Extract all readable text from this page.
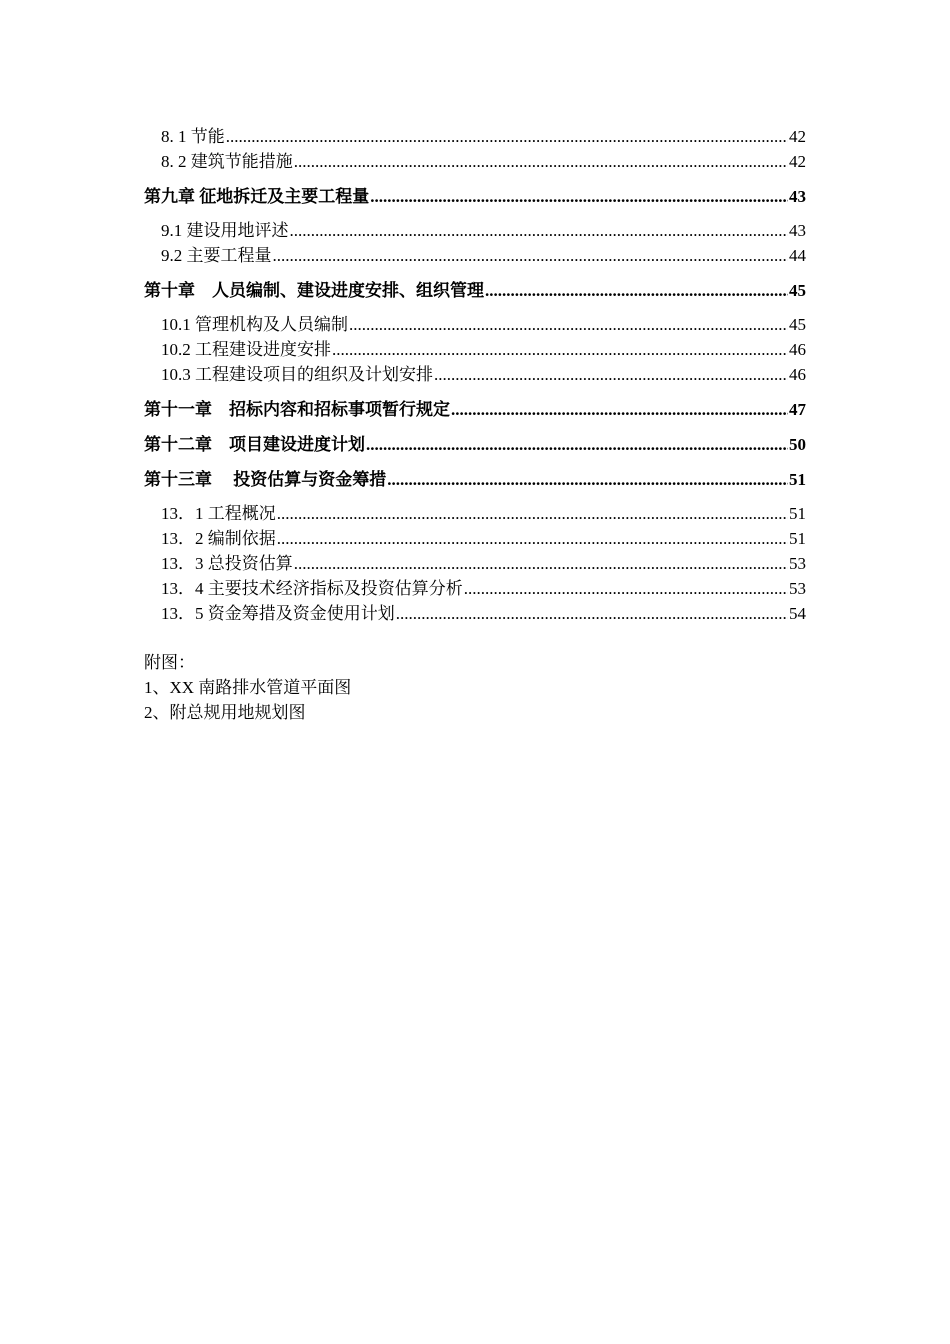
8. 1 节能 .....	42
8. 2 建筑节能措施 .....	42
第九章 征地拆迁及主要工程量 .....	43
9.1 建设用地评述 .....	43
9.2 主要工程量 .....	44
第十章　人员编制、建设进度安排、组织管理 .....	45
10.1 管理机构及人员编制 .....	45
10.2 工程建设进度安排 .....	46
10.3 工程建设项目的组织及计划安排 .....	46
第十一章　招标内容和招标事项暂行规定 .....	47
第十二章　项目建设进度计划 .....	50
第十三章　 投资估算与资金筹措 .....	51
13．1 工程概况 .....	51
13．2 编制依据 .....	51
13．3 总投资估算 .....	53
13．4 主要技术经济指标及投资估算分析 .....	53
13．5 资金筹措及资金使用计划 .....	54
附图：
1、XX 南路排水管道平面图
2、附总规用地规划图
